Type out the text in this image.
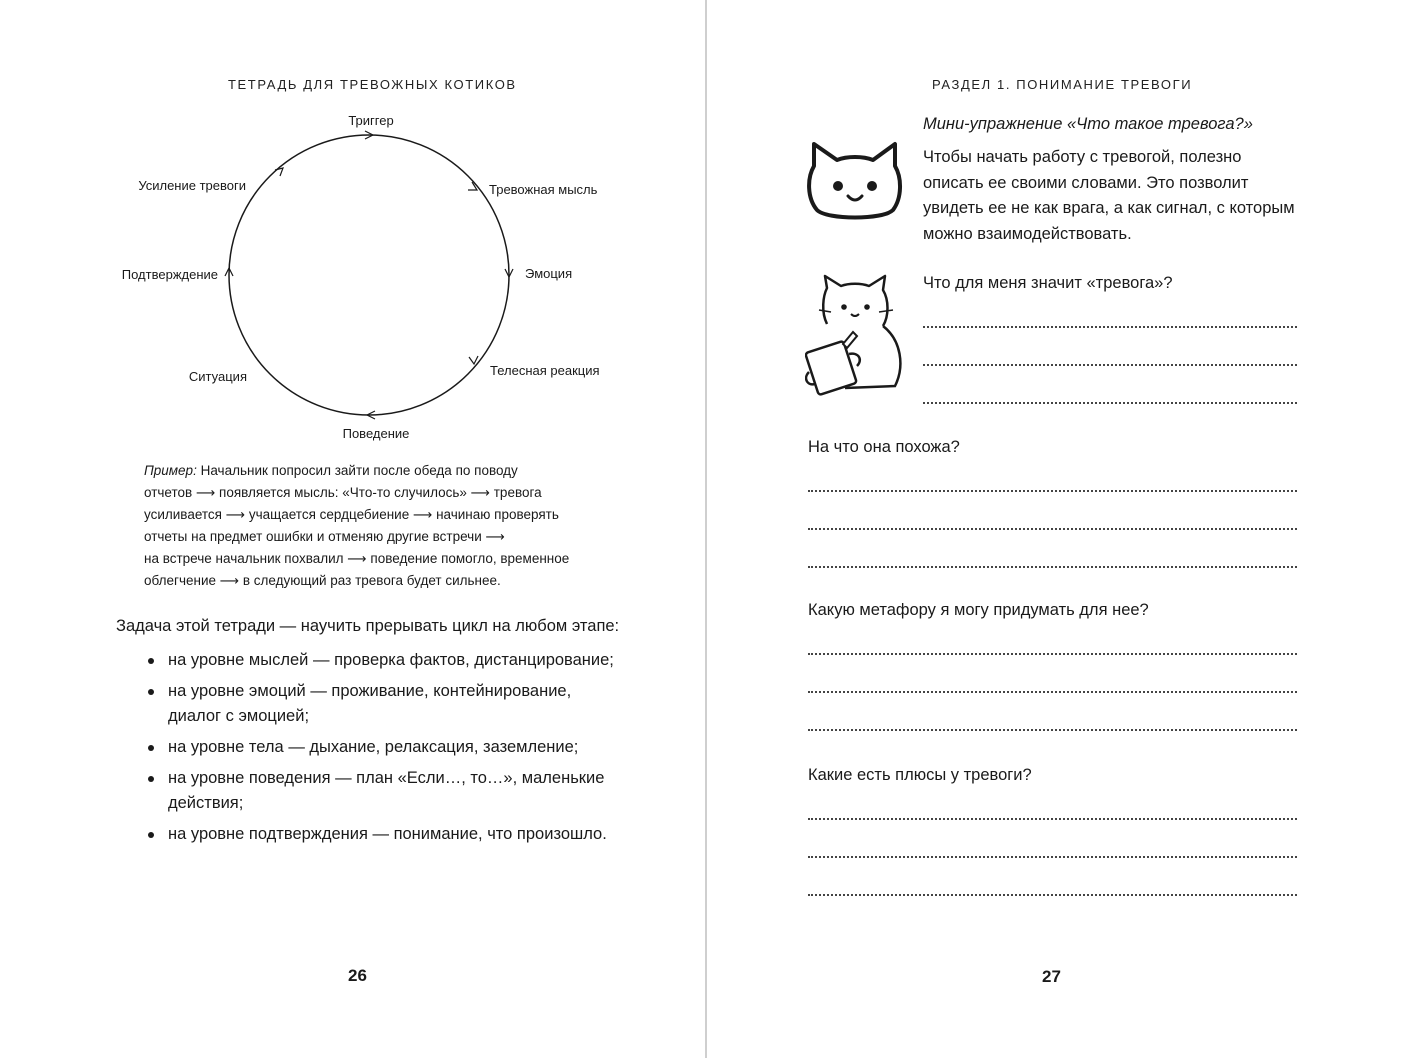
ТЕТРАДЬ ДЛЯ ТРЕВОЖНЫХ КОТИКОВ
Триггер
Тревожная мысль
Эмоция
Телесная реакция
Поведение
Ситуация
Подтверждение
Усиление тревоги
Пример: Начальник попросил зайти после обеда по поводу
отчетов ⟶ появляется мысль: «Что-то случилось» ⟶ тревога
усиливается ⟶ учащается сердцебиение ⟶ начинаю проверять
отчеты на предмет ошибки и отменяю другие встречи ⟶
на встрече начальник похвалил ⟶ поведение помогло, временное
облегчение ⟶ в следующий раз тревога будет сильнее.
Задача этой тетради — научить прерывать цикл на любом этапе:
на уровне мыслей — проверка фактов, дистанцирование;
на уровне эмоций — проживание, контейнирование, диалог с эмоцией;
на уровне тела — дыхание, релаксация, заземление;
на уровне поведения — план «Если…, то…», маленькие действия;
на уровне подтверждения — понимание, что произошло.
26
РАЗДЕЛ 1. ПОНИМАНИЕ ТРЕВОГИ
Мини-упражнение «Что такое тревога?»
Чтобы начать работу с тревогой, полезно описать ее своими словами. Это позволит увидеть ее не как врага, а как сигнал, с которым можно взаимодействовать.
Что для меня значит «тревога»?
На что она похожа?
Какую метафору я могу придумать для нее?
Какие есть плюсы у тревоги?
27
